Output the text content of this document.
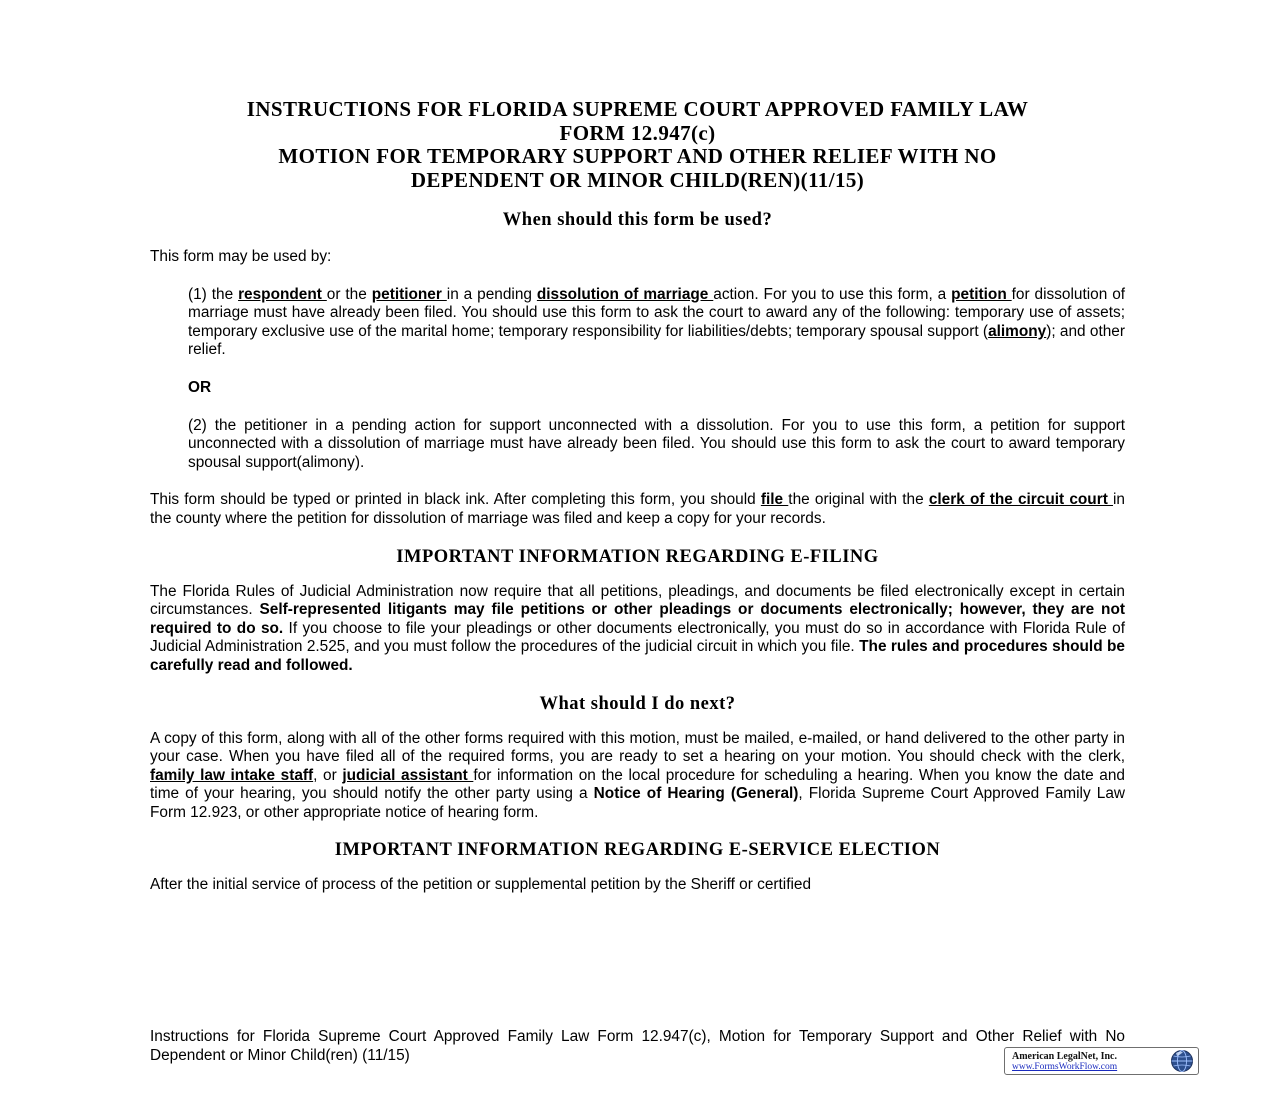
INSTRUCTIONS FOR FLORIDA SUPREME COURT APPROVED FAMILY LAW
FORM 12.947(c)
MOTION FOR TEMPORARY SUPPORT AND OTHER RELIEF WITH NO
DEPENDENT OR MINOR CHILD(REN)(11/15)
When should this form be used?

This form may be used by:

(1) the respondent or the petitioner in a pending dissolution of marriage action. For you to use this form, a petition for dissolution of marriage must have already been filed. You should use this form to ask the court to award any of the following: temporary use of assets; temporary exclusive use of the marital home; temporary responsibility for liabilities/debts; temporary spousal support (alimony); and other relief.

OR

(2) the petitioner in a pending action for support unconnected with a dissolution. For you to use this form, a petition for support unconnected with a dissolution of marriage must have already been filed. You should use this form to ask the court to award temporary spousal support(alimony).

This form should be typed or printed in black ink. After completing this form, you should file the original with the clerk of the circuit court in the county where the petition for dissolution of marriage was filed and keep a copy for your records.

IMPORTANT INFORMATION REGARDING E-FILING

The Florida Rules of Judicial Administration now require that all petitions, pleadings, and documents be filed electronically except in certain circumstances. Self-represented litigants may file petitions or other pleadings or documents electronically; however, they are not required to do so. If you choose to file your pleadings or other documents electronically, you must do so in accordance with Florida Rule of Judicial Administration 2.525, and you must follow the procedures of the judicial circuit in which you file. The rules and procedures should be carefully read and followed.

What should I do next?

A copy of this form, along with all of the other forms required with this motion, must be mailed, e-mailed, or hand delivered to the other party in your case. When you have filed all of the required forms, you are ready to set a hearing on your motion. You should check with the clerk, family law intake staff, or judicial assistant for information on the local procedure for scheduling a hearing. When you know the date and time of your hearing, you should notify the other party using a Notice of Hearing (General), Florida Supreme Court Approved Family Law Form 12.923, or other appropriate notice of hearing form.

IMPORTANT INFORMATION REGARDING E-SERVICE ELECTION

After the initial service of process of the petition or supplemental petition by the Sheriff or certified

Instructions for Florida Supreme Court Approved Family Law Form 12.947(c), Motion for Temporary Support and Other Relief with No Dependent or Minor Child(ren) (11/15)	American LegalNet, Inc.
www.FormsWorkFlow.com
